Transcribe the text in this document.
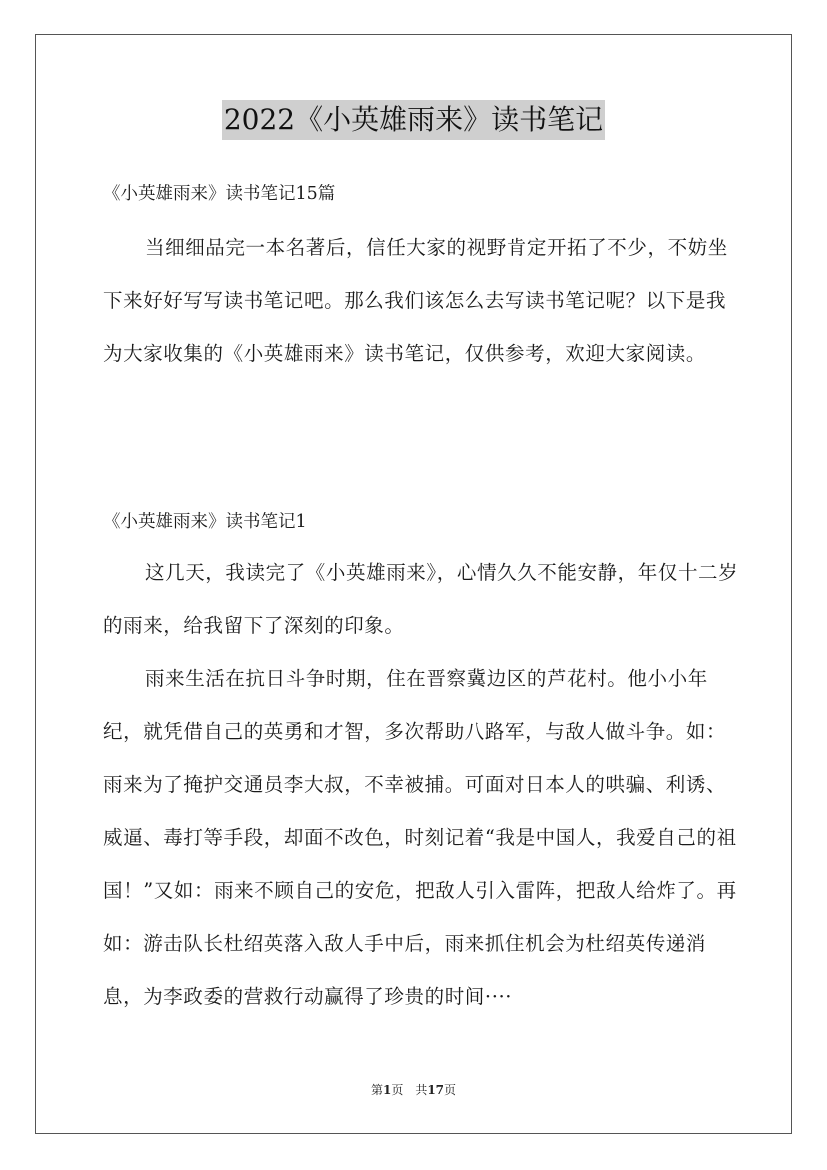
2022《小英雄雨来》读书笔记
《小英雄雨来》读书笔记15篇

当细细品完一本名著后，信任大家的视野肯定开拓了不少，不妨坐下来好好写写读书笔记吧。那么我们该怎么去写读书笔记呢？以下是我为大家收集的《小英雄雨来》读书笔记，仅供参考，欢迎大家阅读。

《小英雄雨来》读书笔记1

这几天，我读完了《小英雄雨来》，心情久久不能安静，年仅十二岁的雨来，给我留下了深刻的印象。

雨来生活在抗日斗争时期，住在晋察冀边区的芦花村。他小小年纪，就凭借自己的英勇和才智，多次帮助八路军，与敌人做斗争。如：雨来为了掩护交通员李大叔，不幸被捕。可面对日本人的哄骗、利诱、威逼、毒打等手段，却面不改色，时刻记着“我是中国人，我爱自己的祖国！”又如：雨来不顾自己的安危，把敌人引入雷阵，把敌人给炸了。再如：游击队长杜绍英落入敌人手中后，雨来抓住机会为杜绍英传递消息，为李政委的营救行动赢得了珍贵的时间····

第1页　共17页
